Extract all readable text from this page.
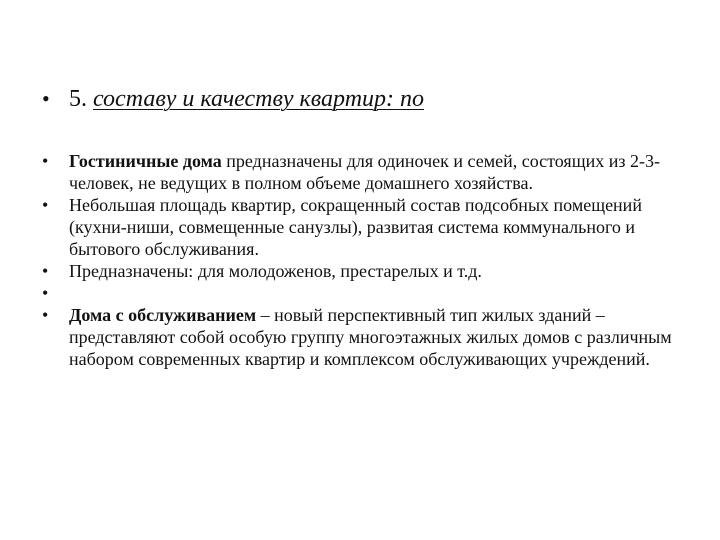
• 5. составу и качеству квартир: по
•	Гостиничные дома предназначены для одиночек и семей, состоящих из 2-3-человек, не ведущих в полном объеме домашнего хозяйства.
•	Небольшая площадь квартир, сокращенный состав подсобных помещений (кухни-ниши, совмещенные санузлы), развитая система коммунального и бытового обслуживания.
•	Предназначены: для молодоженов, престарелых и т.д.
•
•	Дома с обслуживанием – новый перспективный тип жилых зданий –представляют собой особую группу многоэтажных жилых домов с различным набором современных квартир и комплексом обслуживающих учреждений.
